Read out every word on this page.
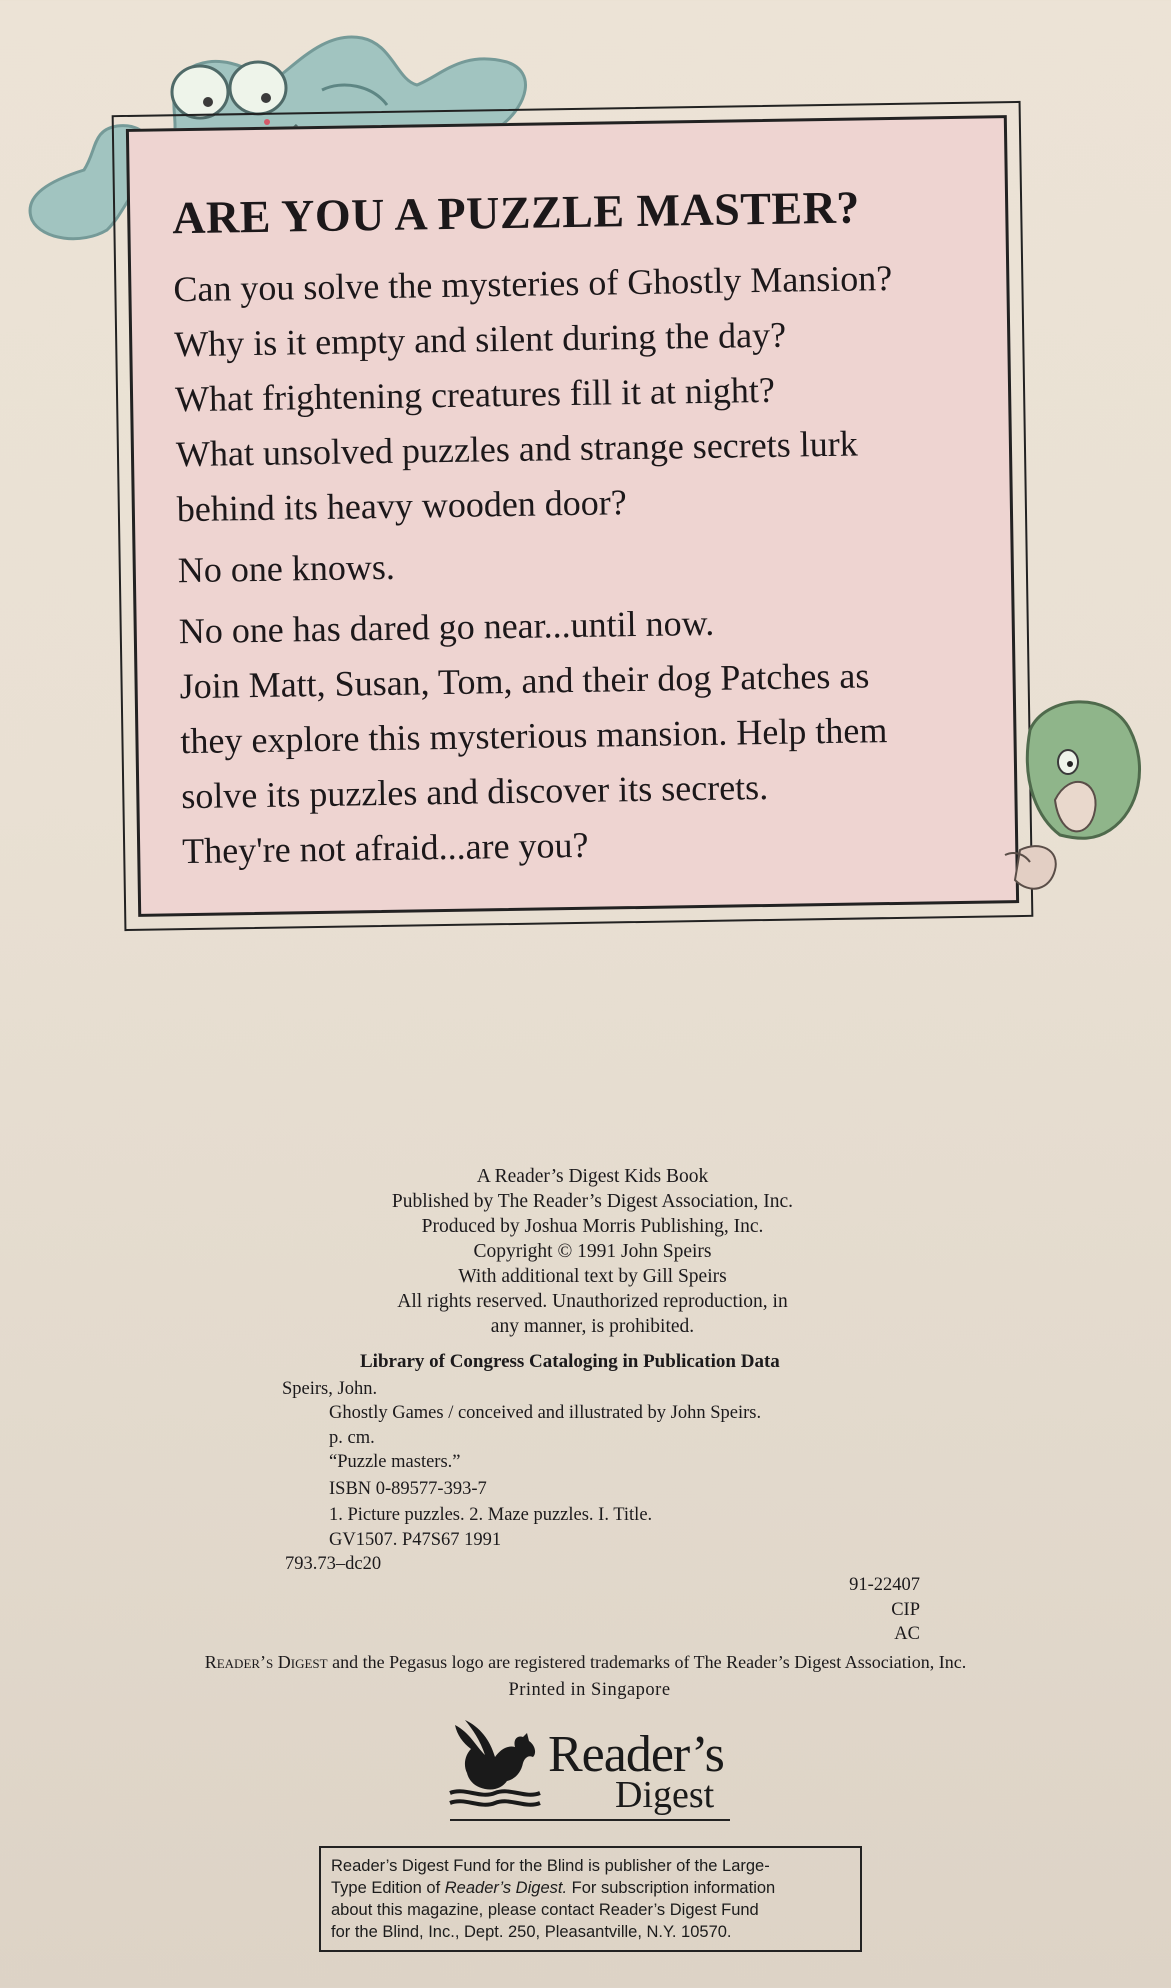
ARE YOU A PUZZLE MASTER?

Can you solve the mysteries of Ghostly Mansion?

Why is it empty and silent during the day?

What frightening creatures fill it at night?

What unsolved puzzles and strange secrets lurk

behind its heavy wooden door?

No one knows.

No one has dared go near...until now.

Join Matt, Susan, Tom, and their dog Patches as

they explore this mysterious mansion. Help them

solve its puzzles and discover its secrets.

They're not afraid...are you?

A Reader’s Digest Kids Book

Published by The Reader’s Digest Association, Inc.

Produced by Joshua Morris Publishing, Inc.

Copyright © 1991 John Speirs

With additional text by Gill Speirs

All rights reserved. Unauthorized reproduction, in

any manner, is prohibited.

Library of Congress Cataloging in Publication Data

Speirs, John.

Ghostly Games / conceived and illustrated by John Speirs.

p. cm.

“Puzzle masters.”

ISBN 0-89577-393-7

1. Picture puzzles. 2. Maze puzzles. I. Title.

GV1507. P47S67 1991

793.73–dc20

91-22407

CIP

AC

Reader’s Digest and the Pegasus logo are registered trademarks of The Reader’s Digest Association, Inc.
Printed in Singapore
Reader’s
Digest

Reader’s Digest Fund for the Blind is publisher of the Large-

Type Edition of Reader’s Digest. For subscription information

about this magazine, please contact Reader’s Digest Fund

for the Blind, Inc., Dept. 250, Pleasantville, N.Y. 10570.
